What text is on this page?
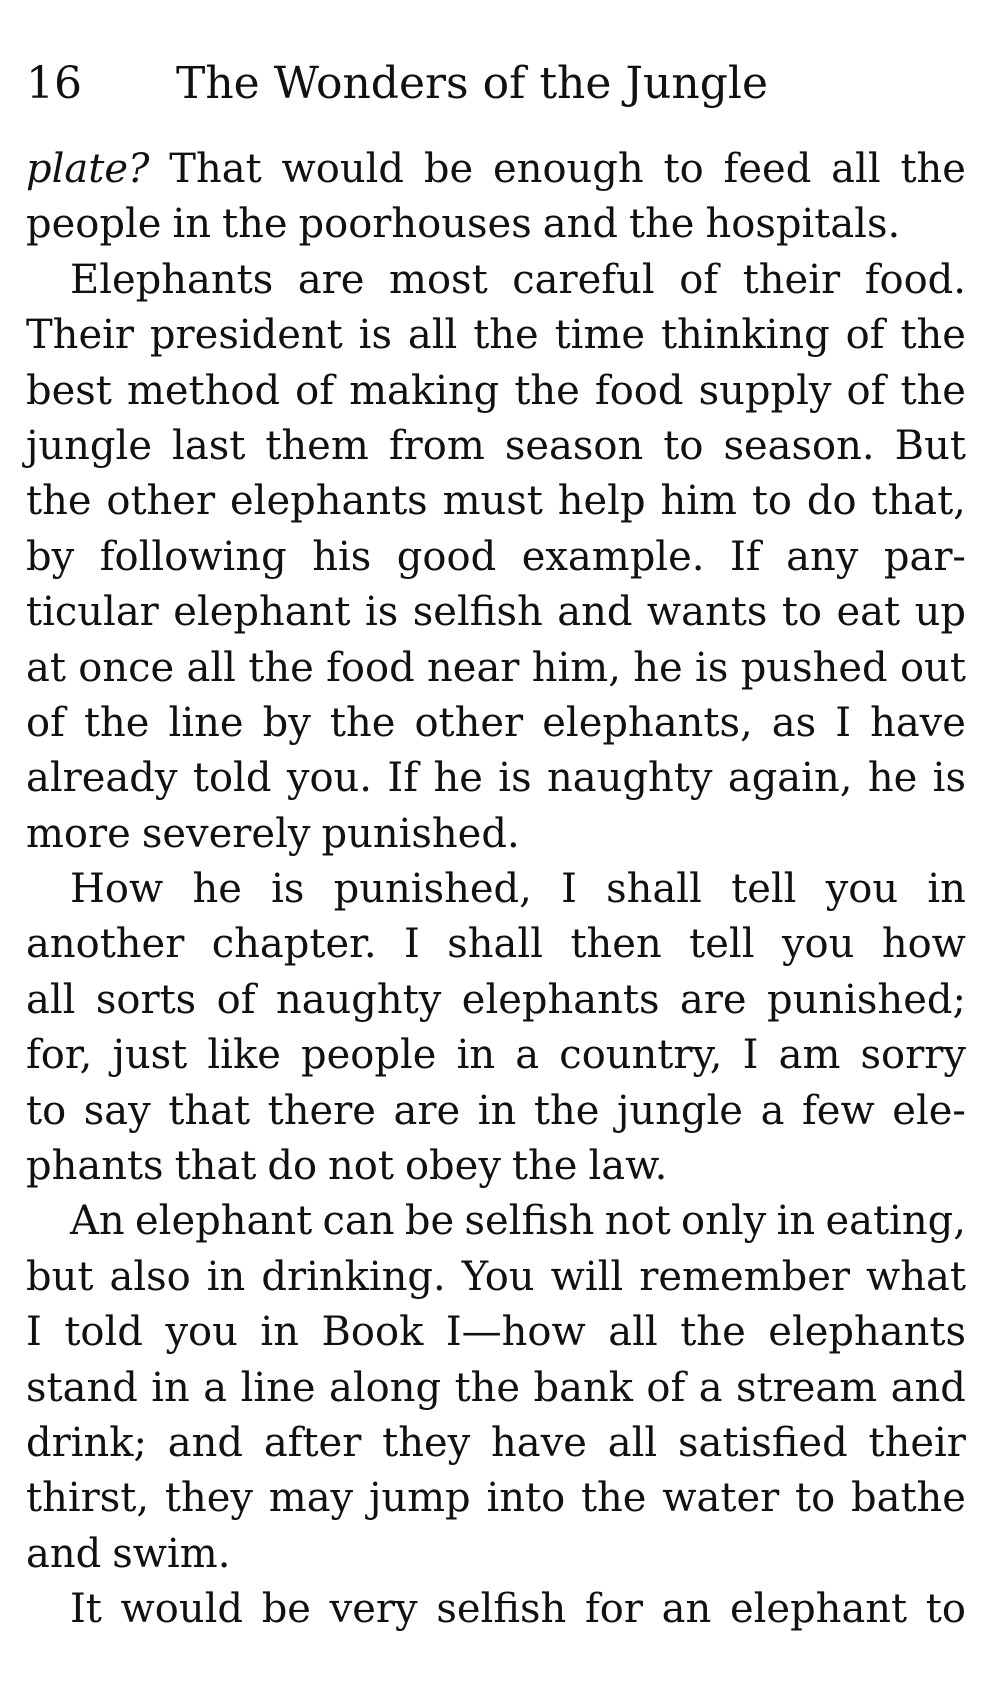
16 The Wonders of the Jungle
plate? That would be enough to feed all the
people in the poorhouses and the hospitals.
Elephants are most careful of their food.
Their president is all the time thinking of the
best method of making the food supply of the
jungle last them from season to season. But
the other elephants must help him to do that,
by following his good example. If any par-
ticular elephant is selfish and wants to eat up
at once all the food near him, he is pushed out
of the line by the other elephants, as I have
already told you. If he is naughty again, he is
more severely punished.
How he is punished, I shall tell you in
another chapter. I shall then tell you how
all sorts of naughty elephants are punished;
for, just like people in a country, I am sorry
to say that there are in the jungle a few ele-
phants that do not obey the law.
An elephant can be selfish not only in eating,
but also in drinking. You will remember what
I told you in Book I—how all the elephants
stand in a line along the bank of a stream and
drink; and after they have all satisfied their
thirst, they may jump into the water to bathe
and swim.
It would be very selfish for an elephant to
